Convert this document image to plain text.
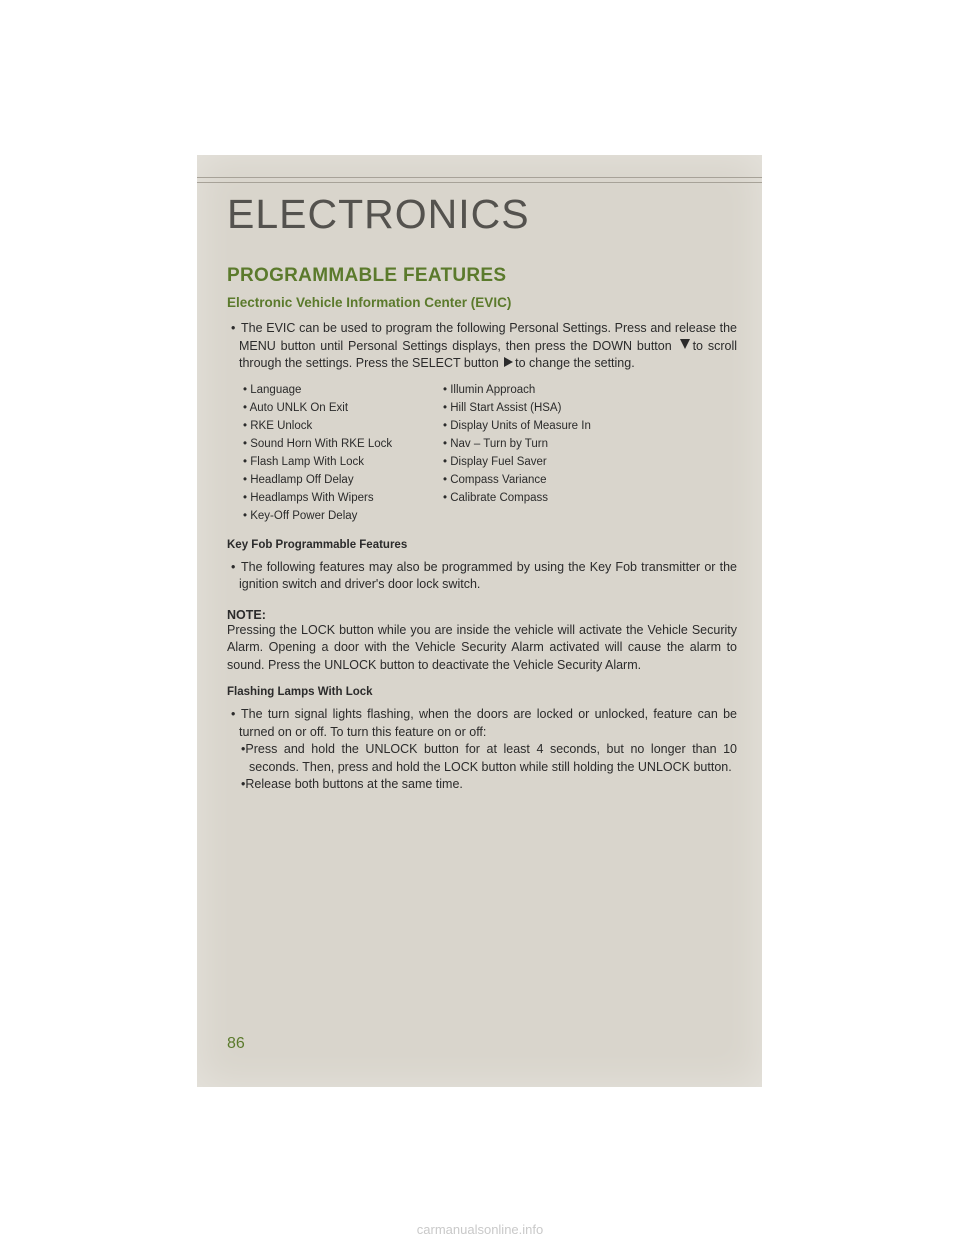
ELECTRONICS
PROGRAMMABLE FEATURES
Electronic Vehicle Information Center (EVIC)

• The EVIC can be used to program the following Personal Settings. Press and release the MENU button until Personal Settings displays, then press the DOWN button to scroll through the settings. Press the SELECT button to change the setting.

• Language
• Auto UNLK On Exit
• RKE Unlock
• Sound Horn With RKE Lock
• Flash Lamp With Lock
• Headlamp Off Delay
• Headlamps With Wipers
• Key-Off Power Delay
• Illumin Approach
• Hill Start Assist (HSA)
• Display Units of Measure In
• Nav – Turn by Turn
• Display Fuel Saver
• Compass Variance
• Calibrate Compass
Key Fob Programmable Features

• The following features may also be programmed by using the Key Fob transmitter or the ignition switch and driver's door lock switch.

NOTE:

Pressing the LOCK button while you are inside the vehicle will activate the Vehicle Security Alarm. Opening a door with the Vehicle Security Alarm activated will cause the alarm to sound. Press the UNLOCK button to deactivate the Vehicle Security Alarm.

Flashing Lamps With Lock

• The turn signal lights flashing, when the doors are locked or unlocked, feature can be turned on or off. To turn this feature on or off:

•Press and hold the UNLOCK button for at least 4 seconds, but no longer than 10 seconds. Then, press and hold the LOCK button while still holding the UNLOCK button.

•Release both buttons at the same time.

86
carmanualsonline.info
